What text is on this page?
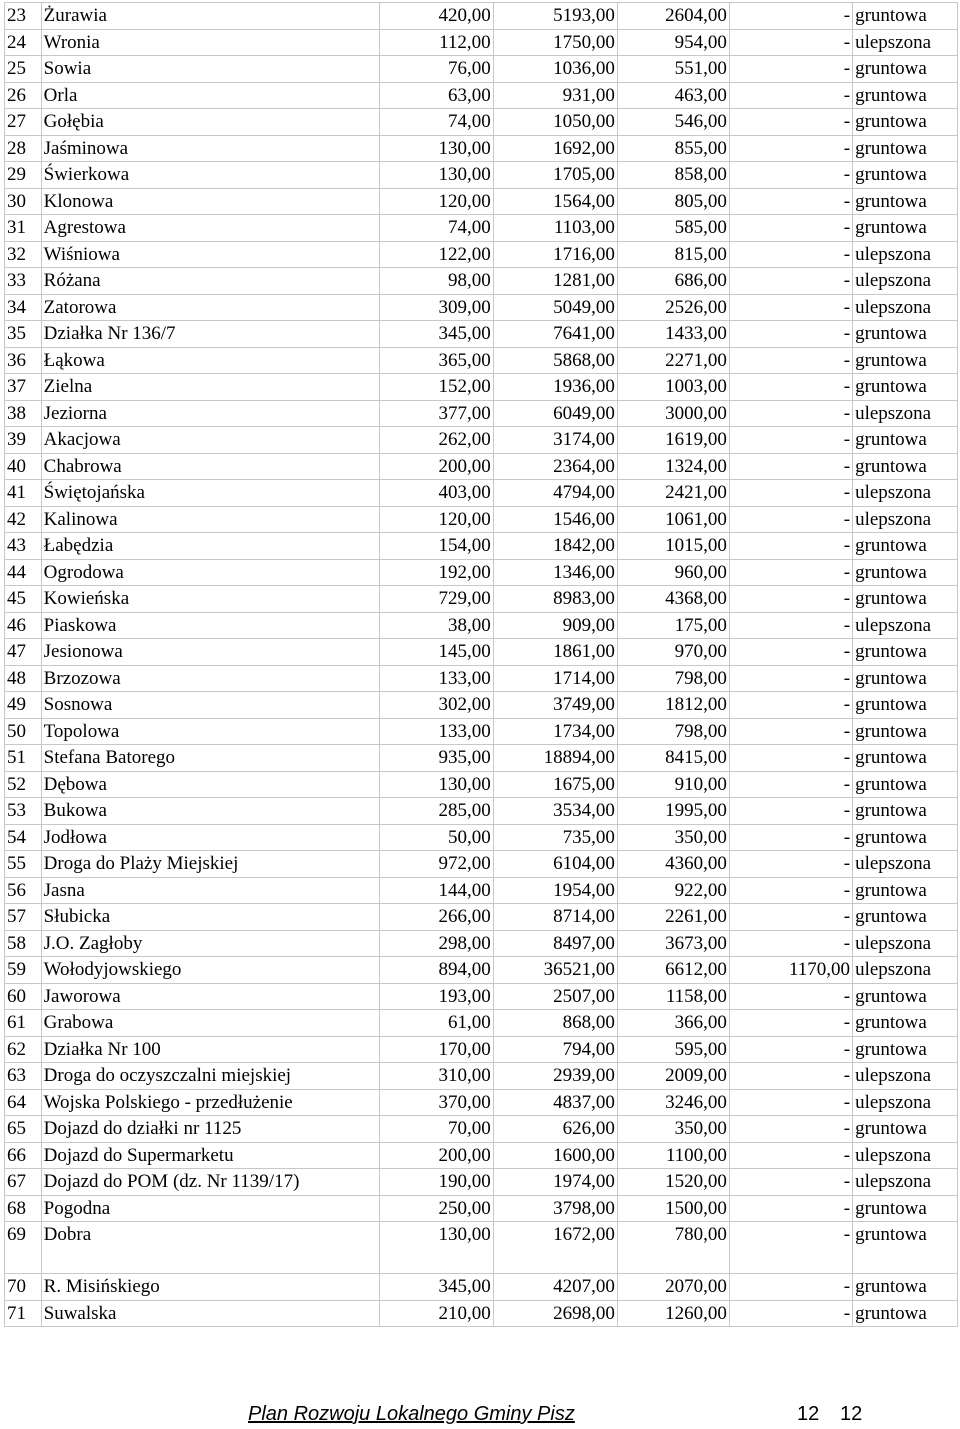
23	Żurawia	420,00	5193,00	2604,00	-	gruntowa
24	Wronia	112,00	1750,00	954,00	-	ulepszona
25	Sowia	76,00	1036,00	551,00	-	gruntowa
26	Orla	63,00	931,00	463,00	-	gruntowa
27	Gołębia	74,00	1050,00	546,00	-	gruntowa
28	Jaśminowa	130,00	1692,00	855,00	-	gruntowa
29	Świerkowa	130,00	1705,00	858,00	-	gruntowa
30	Klonowa	120,00	1564,00	805,00	-	gruntowa
31	Agrestowa	74,00	1103,00	585,00	-	gruntowa
32	Wiśniowa	122,00	1716,00	815,00	-	ulepszona
33	Różana	98,00	1281,00	686,00	-	ulepszona
34	Zatorowa	309,00	5049,00	2526,00	-	ulepszona
35	Działka Nr 136/7	345,00	7641,00	1433,00	-	gruntowa
36	Łąkowa	365,00	5868,00	2271,00	-	gruntowa
37	Zielna	152,00	1936,00	1003,00	-	gruntowa
38	Jeziorna	377,00	6049,00	3000,00	-	ulepszona
39	Akacjowa	262,00	3174,00	1619,00	-	gruntowa
40	Chabrowa	200,00	2364,00	1324,00	-	gruntowa
41	Świętojańska	403,00	4794,00	2421,00	-	ulepszona
42	Kalinowa	120,00	1546,00	1061,00	-	ulepszona
43	Łabędzia	154,00	1842,00	1015,00	-	gruntowa
44	Ogrodowa	192,00	1346,00	960,00	-	gruntowa
45	Kowieńska	729,00	8983,00	4368,00	-	gruntowa
46	Piaskowa	38,00	909,00	175,00	-	ulepszona
47	Jesionowa	145,00	1861,00	970,00	-	gruntowa
48	Brzozowa	133,00	1714,00	798,00	-	gruntowa
49	Sosnowa	302,00	3749,00	1812,00	-	gruntowa
50	Topolowa	133,00	1734,00	798,00	-	gruntowa
51	Stefana Batorego	935,00	18894,00	8415,00	-	gruntowa
52	Dębowa	130,00	1675,00	910,00	-	gruntowa
53	Bukowa	285,00	3534,00	1995,00	-	gruntowa
54	Jodłowa	50,00	735,00	350,00	-	gruntowa
55	Droga do Plaży Miejskiej	972,00	6104,00	4360,00	-	ulepszona
56	Jasna	144,00	1954,00	922,00	-	gruntowa
57	Słubicka	266,00	8714,00	2261,00	-	gruntowa
58	J.O. Zagłoby	298,00	8497,00	3673,00	-	ulepszona
59	Wołodyjowskiego	894,00	36521,00	6612,00	1170,00	ulepszona
60	Jaworowa	193,00	2507,00	1158,00	-	gruntowa
61	Grabowa	61,00	868,00	366,00	-	gruntowa
62	Działka Nr 100	170,00	794,00	595,00	-	gruntowa
63	Droga do oczyszczalni miejskiej	310,00	2939,00	2009,00	-	ulepszona
64	Wojska Polskiego - przedłużenie	370,00	4837,00	3246,00	-	ulepszona
65	Dojazd do działki nr 1125	70,00	626,00	350,00	-	gruntowa
66	Dojazd do Supermarketu	200,00	1600,00	1100,00	-	ulepszona
67	Dojazd do POM (dz. Nr 1139/17)	190,00	1974,00	1520,00	-	ulepszona
68	Pogodna	250,00	3798,00	1500,00	-	gruntowa
69	Dobra	130,00	1672,00	780,00	-	gruntowa
70	R. Misińskiego	345,00	4207,00	2070,00	-	gruntowa
71	Suwalska	210,00	2698,00	1260,00	-	gruntowa
Plan Rozwoju Lokalnego Gminy Pisz	12 12
